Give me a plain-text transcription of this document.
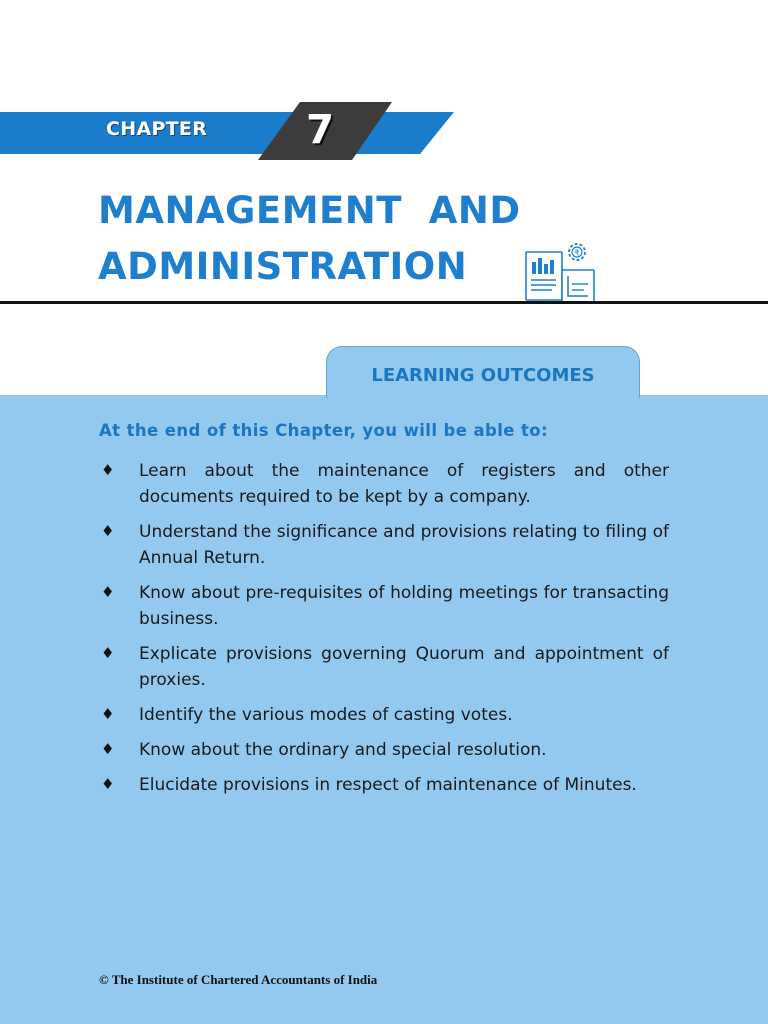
CHAPTER 7
MANAGEMENT  AND
ADMINISTRATION	₹
LEARNING OUTCOMES
At the end of this Chapter, you will be able to:
♦ Learn about the maintenance of registers and other documents required to be kept by a company.
♦ Understand the significance and provisions relating to filing of Annual Return.
♦ Know about pre-requisites of holding meetings for transacting business.
♦ Explicate provisions governing Quorum and appointment of proxies.
♦ Identify the various modes of casting votes.
♦ Know about the ordinary and special resolution.
♦ Elucidate provisions in respect of maintenance of Minutes.
© The Institute of Chartered Accountants of India
